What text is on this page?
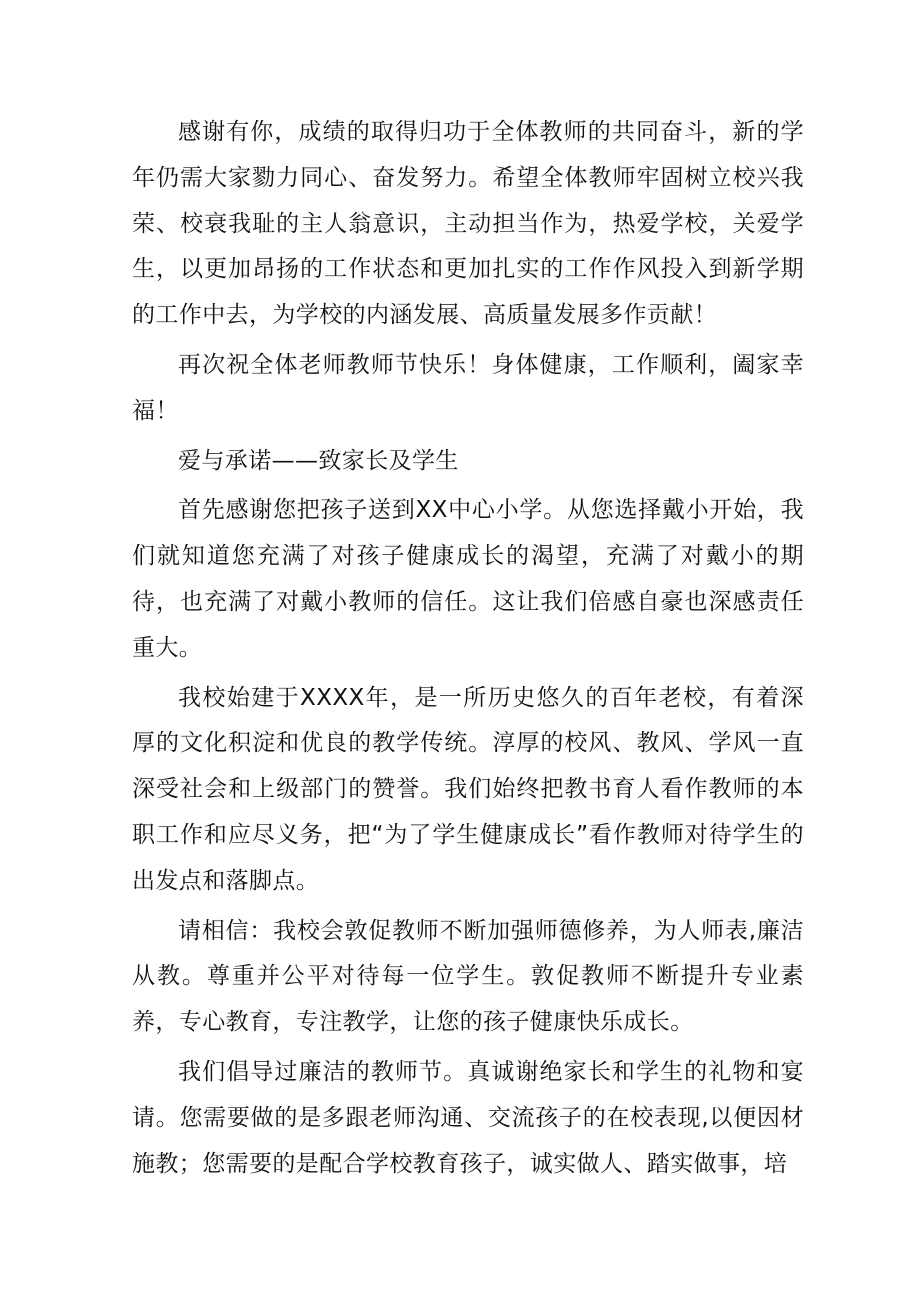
感谢有你，成绩的取得归功于全体教师的共同奋斗，新的学年仍需大家勠力同心、奋发努力。希望全体教师牢固树立校兴我荣、校衰我耻的主人翁意识，主动担当作为，热爱学校，关爱学生，以更加昂扬的工作状态和更加扎实的工作作风投入到新学期的工作中去，为学校的内涵发展、高质量发展多作贡献！

再次祝全体老师教师节快乐！身体健康，工作顺利，阖家幸福！

爱与承诺——致家长及学生

首先感谢您把孩子送到XX中心小学。从您选择戴小开始，我们就知道您充满了对孩子健康成长的渴望，充满了对戴小的期待，也充满了对戴小教师的信任。这让我们倍感自豪也深感责任重大。

我校始建于XXXX年，是一所历史悠久的百年老校，有着深厚的文化积淀和优良的教学传统。淳厚的校风、教风、学风一直深受社会和上级部门的赞誉。我们始终把教书育人看作教师的本职工作和应尽义务，把“为了学生健康成长”看作教师对待学生的出发点和落脚点。

请相信：我校会敦促教师不断加强师德修养，为人师表,廉洁从教。尊重并公平对待每一位学生。敦促教师不断提升专业素养，专心教育，专注教学，让您的孩子健康快乐成长。

我们倡导过廉洁的教师节。真诚谢绝家长和学生的礼物和宴请。您需要做的是多跟老师沟通、交流孩子的在校表现,以便因材施教；您需要的是配合学校教育孩子，诚实做人、踏实做事，培
